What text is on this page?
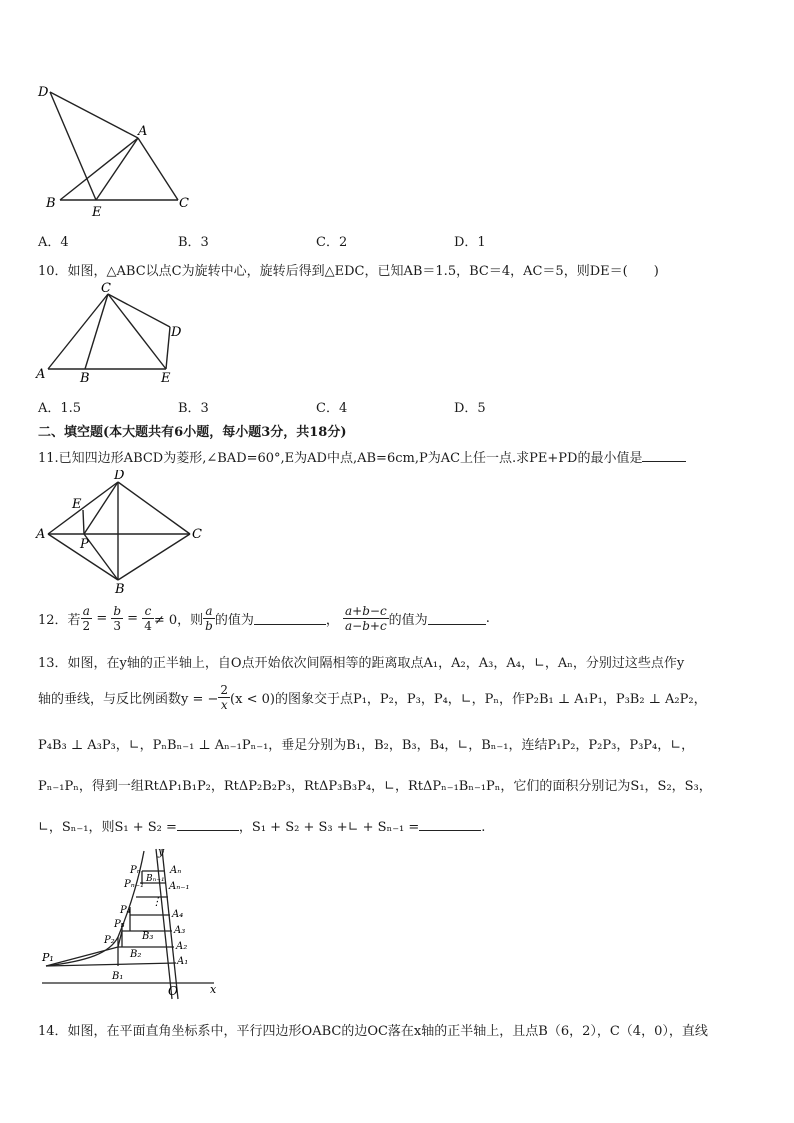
D
A
B
E
C
A．4	B．3	C．2	D．1
10．如图，△ABC以点C为旋转中心，旋转后得到△EDC，已知AB＝1.5，BC＝4，AC＝5，则DE＝(　　)
C
D
A	B	E
A．1.5	B．3	C．4	D．5
二、填空题(本大题共有6小题，每小题3分，共18分)
11.已知四边形ABCD为菱形,∠BAD=60°,E为AD中点,AB=6cm,P为AC上任一点.求PE+PD的最小值是
D
E
A
P
C
B
12．若 $\frac{a}{2} = \frac{b}{3} = \frac{c}{4} \ne 0$，则 $\frac{a}{b}$ 的值为	， $\frac{a+b-c}{a-b+c}$ 的值为	.
13．如图，在y轴的正半轴上，自O点开始依次间隔相等的距离取点A₁，A₂，A₃，A₄，∟，Aₙ，分别过这些点作y
轴的垂线，与反比例函数y = − $\frac{2}{x} (x < 0)$的图象交于点P₁，P₂，P₃，P₄，∟，Pₙ，作P₂B₁ ⊥ A₁P₁，P₃B₂ ⊥ A₂P₂，
P₄B₃ ⊥ A₃P₃，∟，PₙBₙ₋₁ ⊥ Aₙ₋₁Pₙ₋₁，垂足分别为B₁，B₂，B₃，B₄，∟，Bₙ₋₁，连结P₁P₂，P₂P₃，P₃P₄，∟，
Pₙ₋₁Pₙ，得到一组RtΔP₁B₁P₂，RtΔP₂B₂P₃，RtΔP₃B₃P₄，∟，RtΔPₙ₋₁Bₙ₋₁Pₙ，它们的面积分别记为S₁，S₂，S₃，
∟，Sₙ₋₁，则S₁ + S₂ =	，S₁ + S₂ + S₃ +∟ + Sₙ₋₁ =	.
y
x
O
Aₙ
Aₙ₋₁
A₄
A₃
A₂
A₁
Pₙ
Pₙ₋₁ Bₙ₋₁
⋮
P₄
P₃
B₃
P₂
B₂
P₁
B₁
14．如图，在平面直角坐标系中，平行四边形OABC的边OC落在x轴的正半轴上，且点B（6，2），C（4，0），直线
